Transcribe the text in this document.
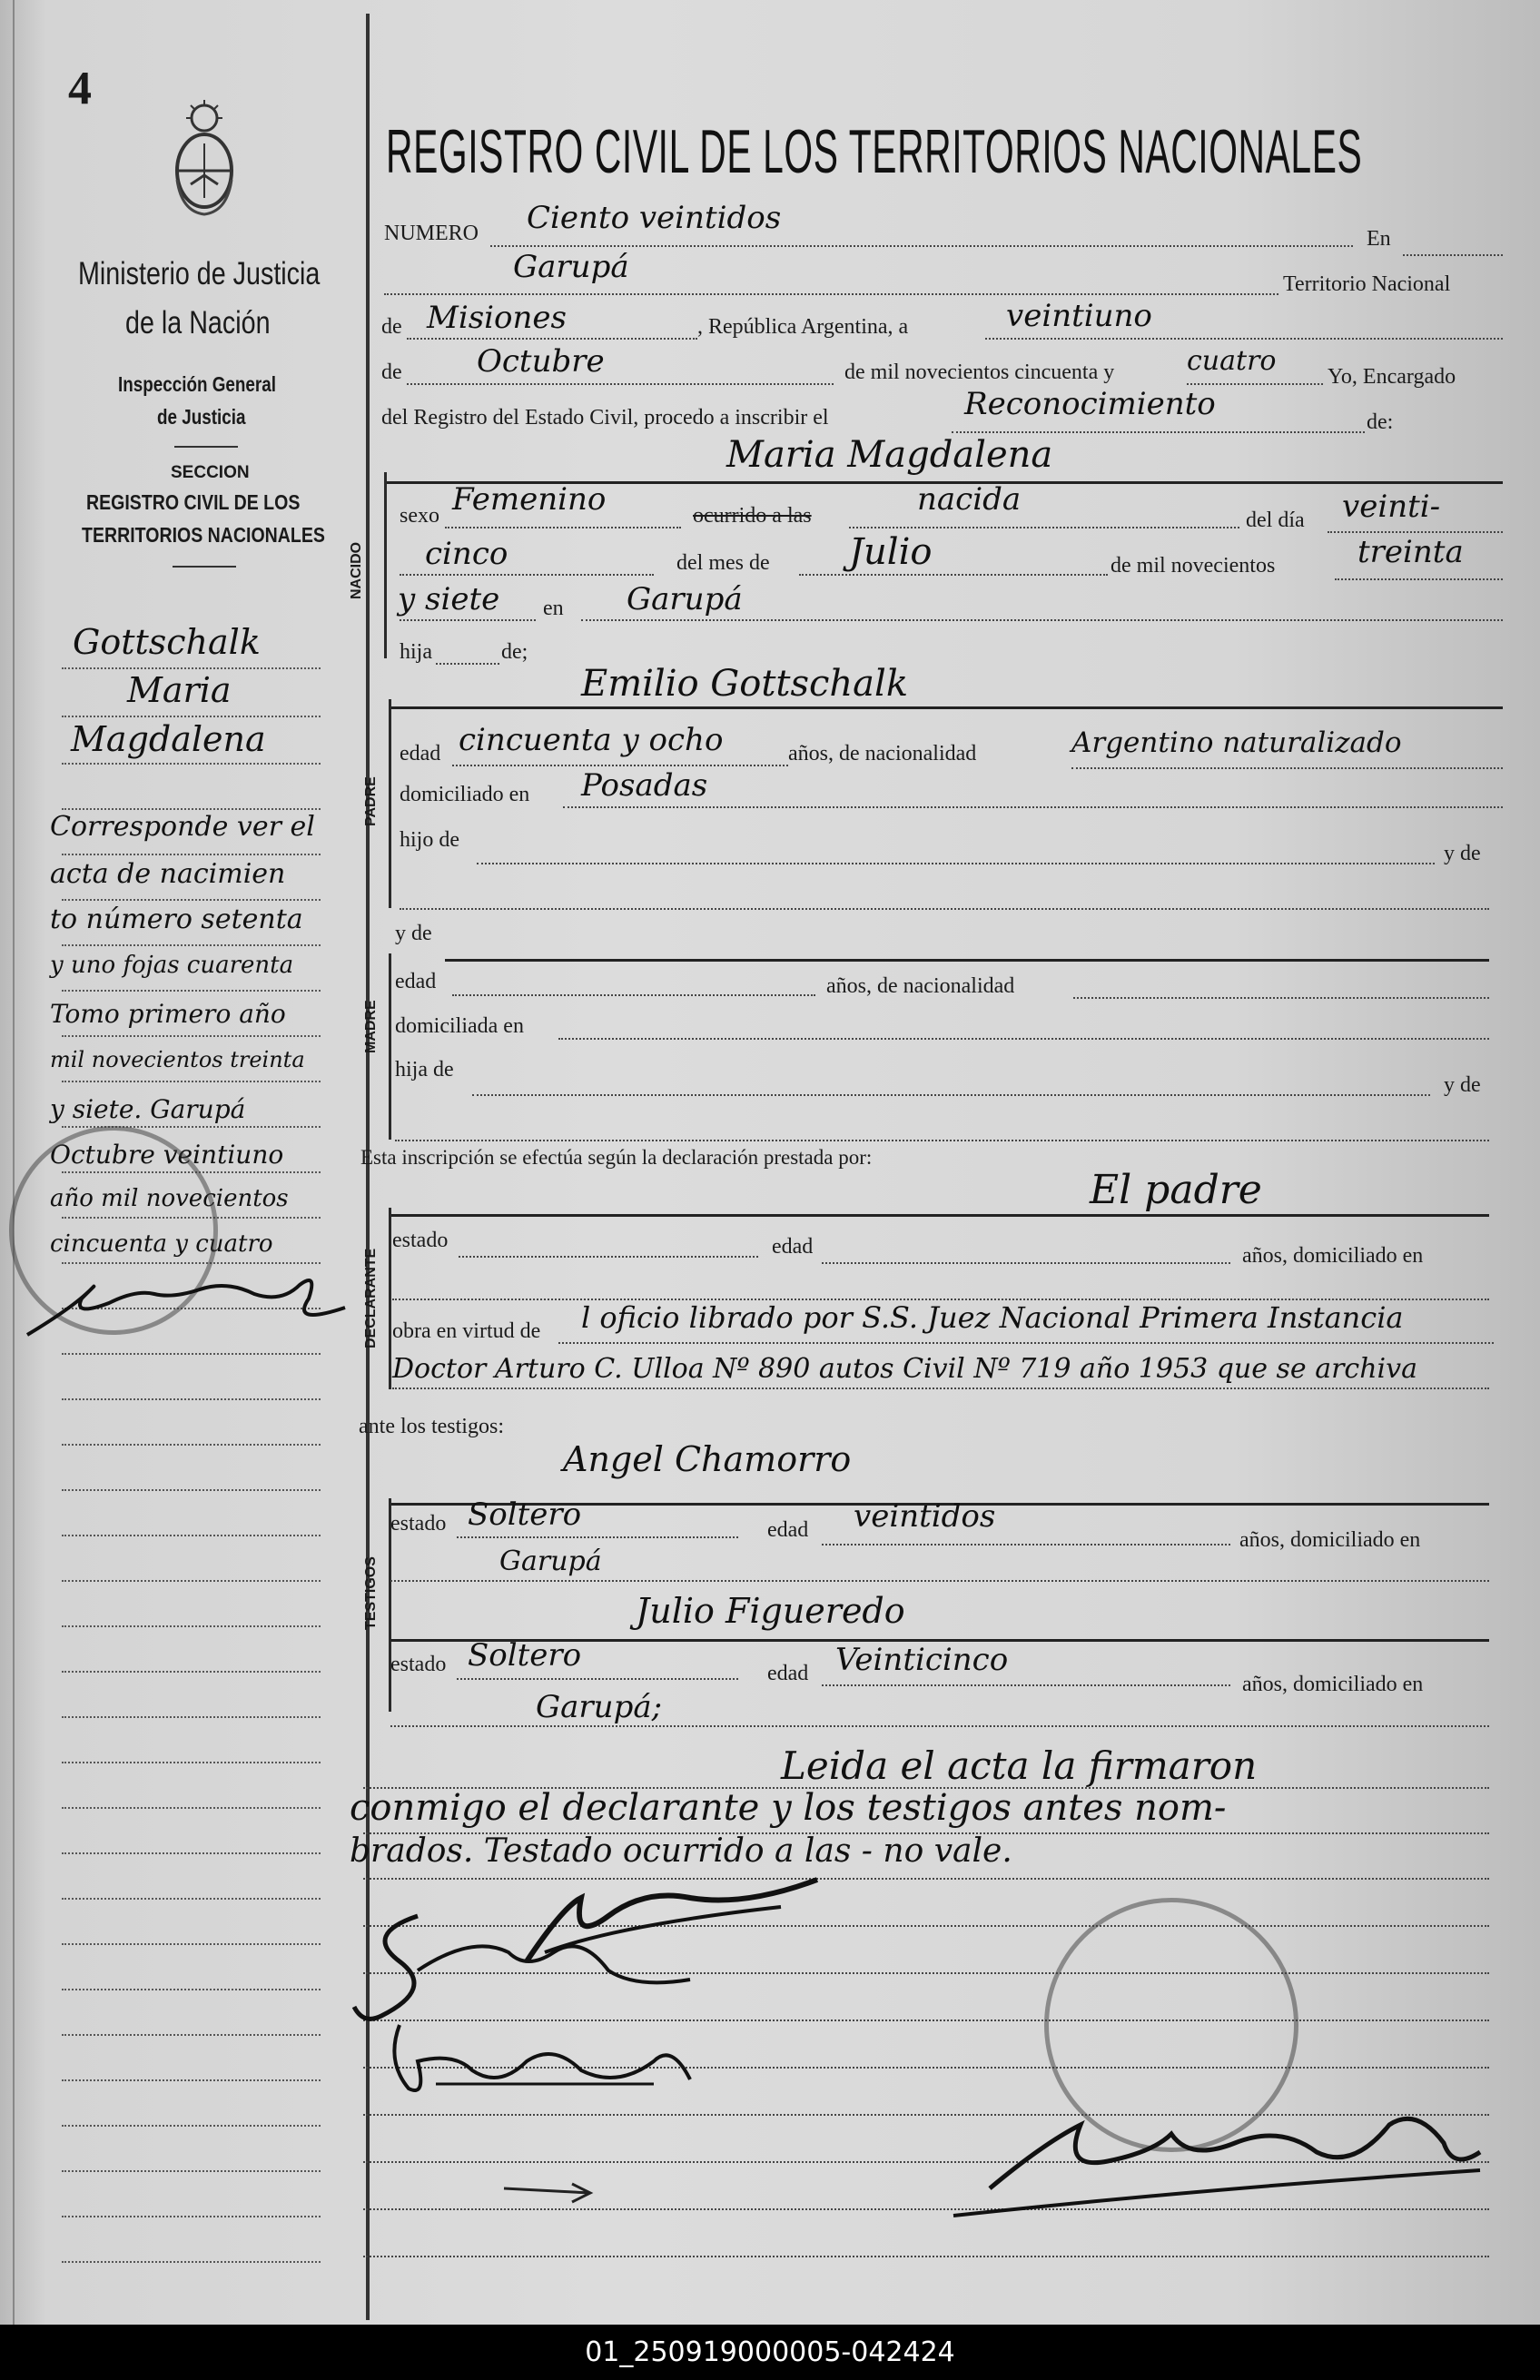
4
Ministerio de Justicia
de la Nación
Inspección General
de Justicia
SECCION
REGISTRO CIVIL DE LOS
TERRITORIOS NACIONALES
REGISTRO CIVIL DE LOS TERRITORIOS NACIONALES
NUMERO Ciento veintidos
En
Garupá	Territorio Nacional
de Misiones	, República Argentina, a	veintiuno
de Octubre	de mil novecientos cincuenta y	cuatro Yo, Encargado
del Registro del Estado Civil, procedo a inscribir el	Reconocimiento	de:
Maria Magdalena
NACIDO
sexo Femenino	ocurrido a las	nacida
del día veinti-
cinco	del mes de Julio	de mil novecientos	treinta
y siete en Garupá
hija	de;
Emilio Gottschalk
PADRE
edad cincuenta y ocho	años, de nacionalidad	Argentino naturalizado
domiciliado en Posadas
hijo de
y de
y de
MADRE
edad	años, de nacionalidad
domiciliada en
hija de
y de
Esta inscripción se efectúa según la declaración prestada por:
El padre
DECLARANTE
estado	edad	años, domiciliado en
obra en virtud de l oficio librado por S.S. Juez Nacional Primera Instancia
Doctor Arturo C. Ulloa Nº 890 autos Civil Nº 719 año 1953 que se archiva
ante los testigos:
Angel Chamorro
TESTIGOS
estado Soltero	edad veintidos
años, domiciliado en
Garupá
Julio Figueredo
estado Soltero	edad Veinticinco
años, domiciliado en
Garupá;
Leida el acta la firmaron
conmigo el declarante y los testigos antes nom-
brados. Testado ocurrido a las - no vale.
Gottschalk
Maria
Magdalena
Corresponde ver el
acta de nacimien
to número setenta
y uno fojas cuarenta
Tomo primero año
mil novecientos treinta
y siete. Garupá
Octubre veintiuno
año mil novecientos
cincuenta y cuatro
01_250919000005-042424
